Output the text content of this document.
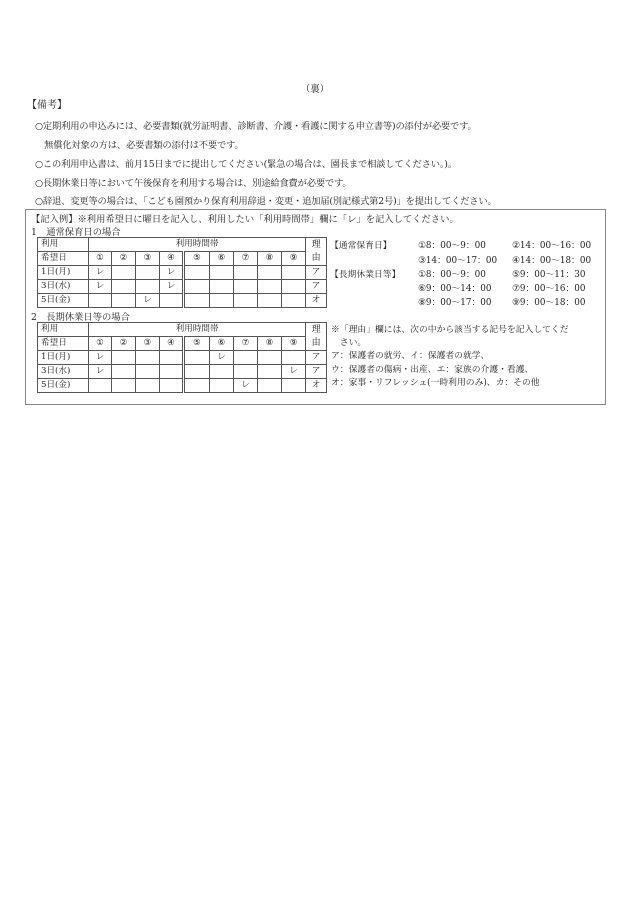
（裏）
【備考】
○定期利用の申込みには、必要書類(就労証明書、診断書、介護・看護に関する申立書等)の添付が必要です。
　無償化対象の方は、必要書類の添付は不要です。
○この利用申込書は、前月15日までに提出してください(緊急の場合は、園長まで相談してください。)。
○長期休業日等において午後保育を利用する場合は、別途給食費が必要です。
○辞退、変更等の場合は、「こども園預かり保育利用辞退・変更・追加届(別記様式第2号)」を提出してください。
【記入例】※利用希望日に曜日を記入し、利用したい「利用時間帯」欄に「レ」を記入してください。
1　通常保育日の場合
利用	利用時間帯									理
由
希望日	①	②	③	④	⑤	⑥	⑦	⑧	⑨	
1日(月)	レ			レ						ア
3日(水)	レ			レ						ア
5日(金)			レ							オ
2　長期休業日等の場合
利用	利用時間帯									理
由
希望日	①	②	③	④	⑤	⑥	⑦	⑧	⑨	
1日(月)	レ					レ				ア
3日(水)	レ								レ	ア
5日(金)							レ			オ
【通常保育日】	①8：00～9：00	②14：00～16：00
③14：00～17：00 ④14：00～18：00
【長期休業日等】 ①8：00～9：00	⑤9：00～11：30
⑥9：00～14：00 ⑦9：00～16：00
⑧9：00～17：00 ⑨9：00～18：00
※「理由」欄には、次の中から該当する記号を記入してくだ
　さい。
ア：保護者の就労、イ：保護者の就学、
ウ：保護者の傷病・出産、エ：家族の介護・看護、
オ：家事・リフレッシュ(一時利用のみ)、カ：その他
